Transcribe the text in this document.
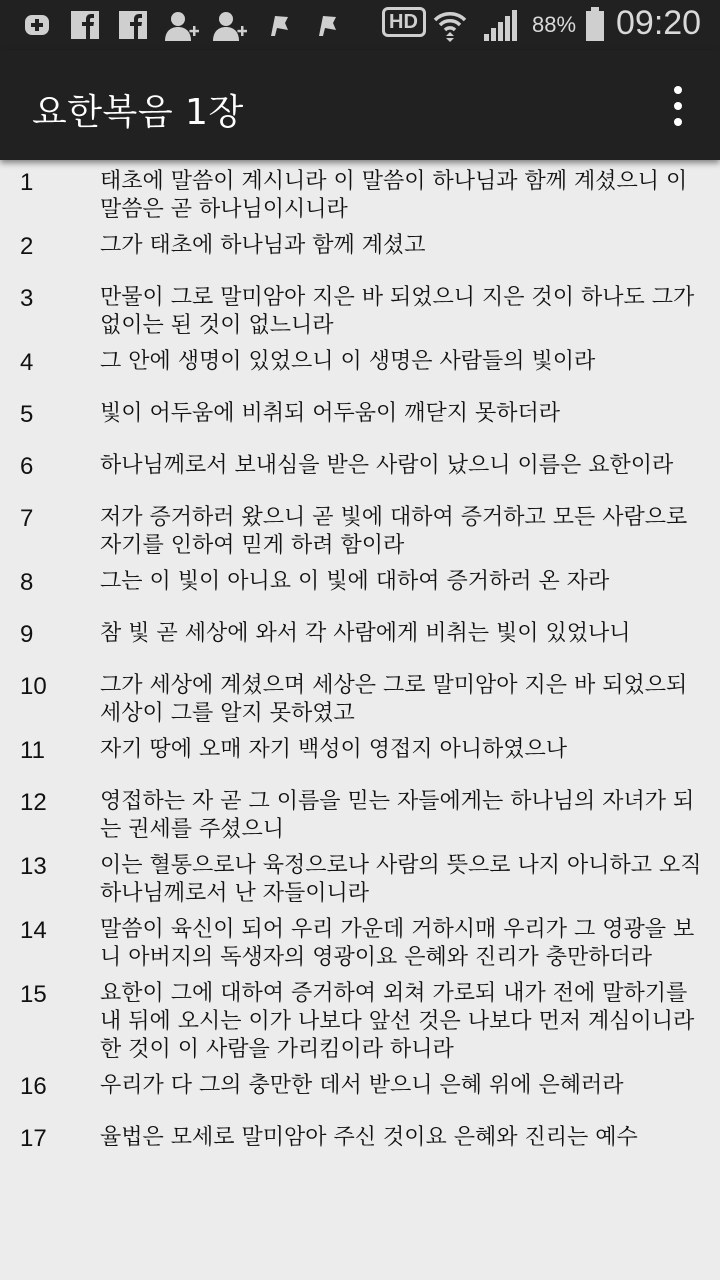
HD	88% 09:20
요한복음 1장
1	태초에 말씀이 계시니라 이 말씀이 하나님과 함께 계셨으니 이 말씀은 곧 하나님이시니라
2	그가 태초에 하나님과 함께 계셨고
3	만물이 그로 말미암아 지은 바 되었으니 지은 것이 하나도 그가 없이는 된 것이 없느니라
4	그 안에 생명이 있었으니 이 생명은 사람들의 빛이라
5	빛이 어두움에 비취되 어두움이 깨닫지 못하더라
6	하나님께로서 보내심을 받은 사람이 났으니 이름은 요한이라
7	저가 증거하러 왔으니 곧 빛에 대하여 증거하고 모든 사람으로 자기를 인하여 믿게 하려 함이라
8	그는 이 빛이 아니요 이 빛에 대하여 증거하러 온 자라
9	참 빛 곧 세상에 와서 각 사람에게 비취는 빛이 있었나니
10	그가 세상에 계셨으며 세상은 그로 말미암아 지은 바 되었으되 세상이 그를 알지 못하였고
11	자기 땅에 오매 자기 백성이 영접지 아니하였으나
12	영접하는 자 곧 그 이름을 믿는 자들에게는 하나님의 자녀가 되는 권세를 주셨으니
13	이는 혈통으로나 육정으로나 사람의 뜻으로 나지 아니하고 오직 하나님께로서 난 자들이니라
14	말씀이 육신이 되어 우리 가운데 거하시매 우리가 그 영광을 보니 아버지의 독생자의 영광이요 은혜와 진리가 충만하더라
15	요한이 그에 대하여 증거하여 외쳐 가로되 내가 전에 말하기를 내 뒤에 오시는 이가 나보다 앞선 것은 나보다 먼저 계심이니라 한 것이 이 사람을 가리킴이라 하니라
16	우리가 다 그의 충만한 데서 받으니 은혜 위에 은혜러라
17	율법은 모세로 말미암아 주신 것이요 은혜와 진리는 예수
